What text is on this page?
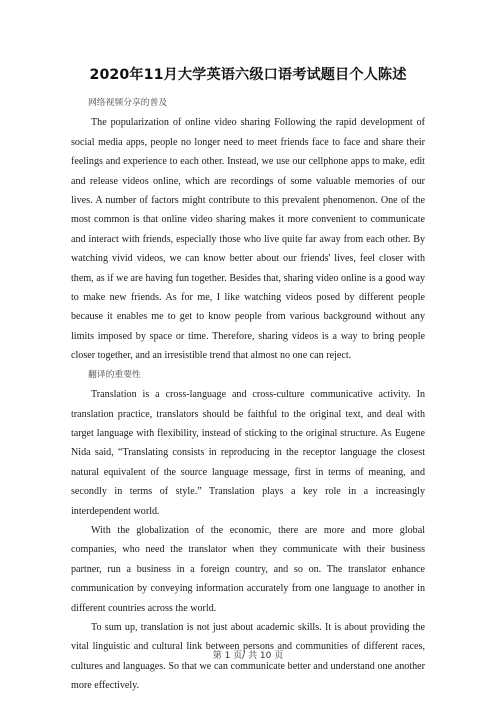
2020年11月大学英语六级口语考试题目个人陈述
网络视频分享的普及

The popularization of online video sharing Following the rapid development of social media apps, people no longer need to meet friends face to face and share their feelings and experience to each other. Instead, we use our cellphone apps to make, edit and release videos online, which are recordings of some valuable memories of our lives. A number of factors might contribute to this prevalent phenomenon. One of the most common is that online video sharing makes it more convenient to communicate and interact with friends, especially those who live quite far away from each other. By watching vivid videos, we can know better about our friends' lives, feel closer with them, as if we are having fun together. Besides that, sharing video online is a good way to make new friends. As for me, I like watching videos posed by different people because it enables me to get to know people from various background without any limits imposed by space or time. Therefore, sharing videos is a way to bring people closer together, and an irresistible trend that almost no one can reject.

翻译的重要性

Translation is a cross-language and cross-culture communicative activity. In translation practice, translators should be faithful to the original text, and deal with target language with flexibility, instead of sticking to the original structure. As Eugene Nida said, “Translating consists in reproducing in the receptor language the closest natural equivalent of the source language message, first in terms of meaning, and secondly in terms of style.” Translation plays a key role in a increasingly interdependent world.

With the globalization of the economic, there are more and more global companies, who need the translator when they communicate with their business partner, run a business in a foreign country, and so on. The translator enhance communication by conveying information accurately from one language to another in different countries across the world.

To sum up, translation is not just about academic skills. It is about providing the vital linguistic and cultural link between persons and communities of different races, cultures and languages. So that we can communicate better and understand one another more effectively.

第 1 页/ 共 10 页
